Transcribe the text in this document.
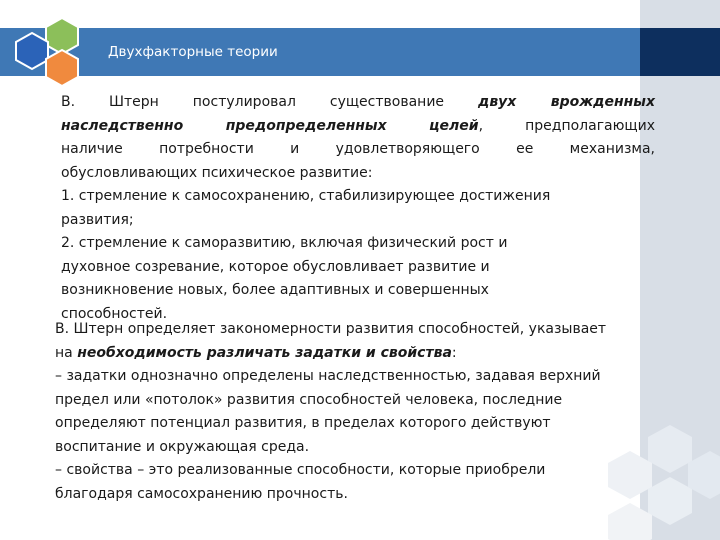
Двухфакторные теории

В. Штерн постулировал существование двух врожденных

наследственно предопределенных целей, предполагающих

наличие потребности и удовлетворяющего ее механизма,

обусловливающих психическое развитие:

1. стремление к самосохранению, стабилизирующее достижения

развития;

2. стремление к саморазвитию, включая физический рост и

духовное созревание, которое обусловливает развитие и

возникновение новых, более адаптивных и совершенных

способностей.

В. Штерн определяет закономерности развития способностей, указывает

на необходимость различать задатки и свойства:

– задатки однозначно определены наследственностью, задавая верхний

предел или «потолок» развития способностей человека, последние

определяют потенциал развития, в пределах которого действуют

воспитание и окружающая среда.

– свойства – это реализованные способности, которые приобрели

благодаря самосохранению прочность.
